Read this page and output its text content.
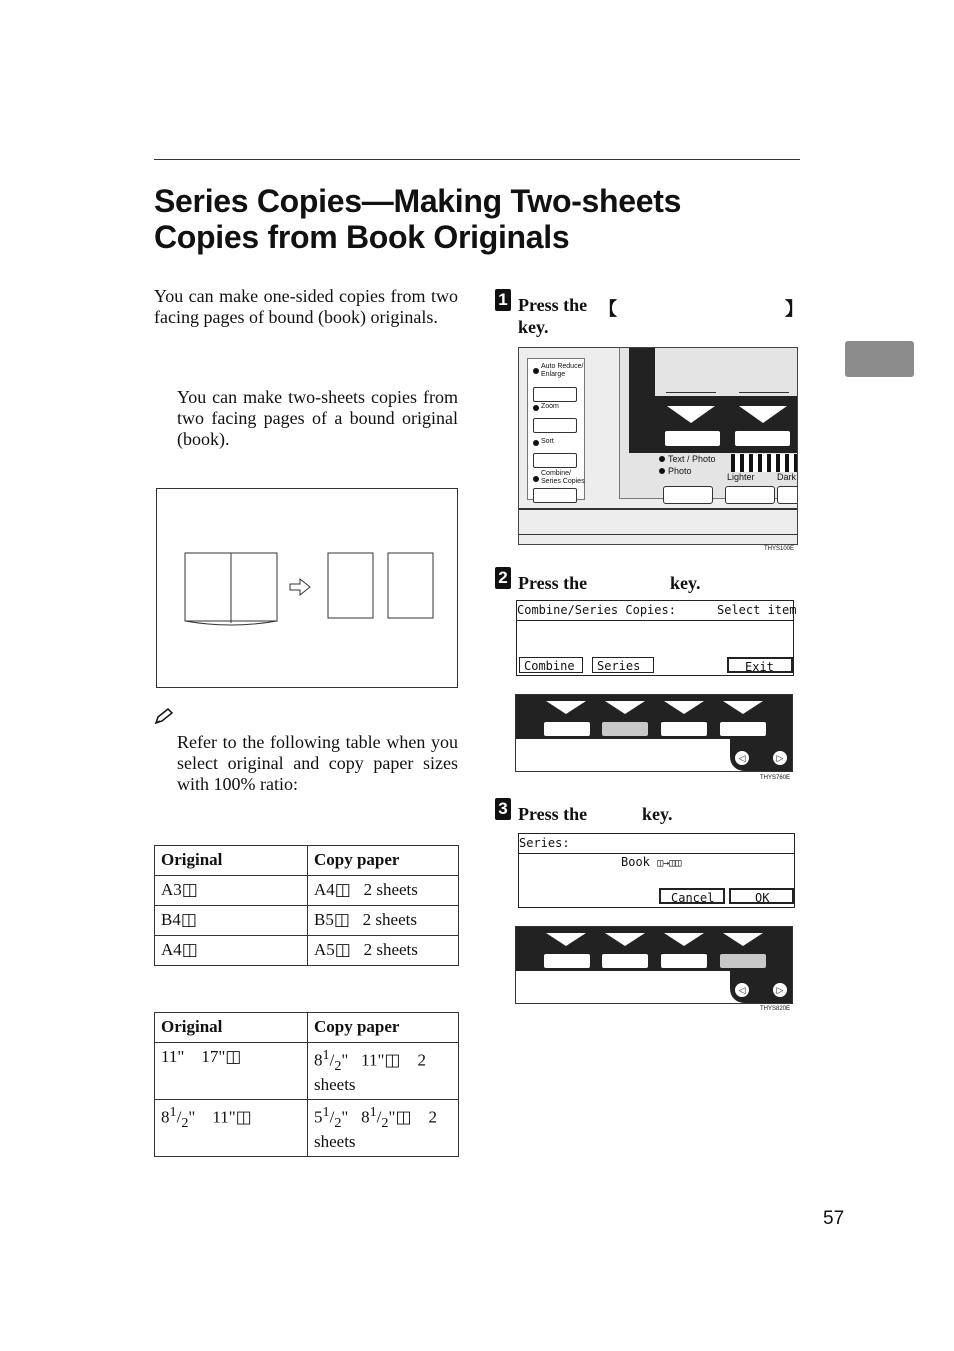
Series Copies—Making Two-sheets
Copies from Book Originals

You can make one-sided copies from two facing pages of bound (book) originals.

You can make two-sheets copies from two facing pages of a bound original (book).

Refer to the following table when you select original and copy paper sizes with 100% ratio:

Original	Copy paper
A3◫	A4◫ 2 sheets
B4◫	B5◫ 2 sheets
A4◫	A5◫ 2 sheets
Original	Copy paper
11" 17"◫	$8^1/_2$"   11"◫ 2
sheets
$8^1/_2$"    11"◫	$5^1/_2$"   $8^1/_2"◫$ 2
sheets
1 Press the 【	】
key.
Auto Reduce/
Enlarge
Zoom
Sort
Combine/
Series Copies
Text / Photo
Photo
Lighter Dark
THYS100E
2 Press the	key.
Combine/Series Copies:	Select item
Combine	Series	Exit
◁	▷
THYS760E
3 Press the	key.
Series:
Book ◫→◫◫
Cancel	OK
◁	▷
THYS820E
57
